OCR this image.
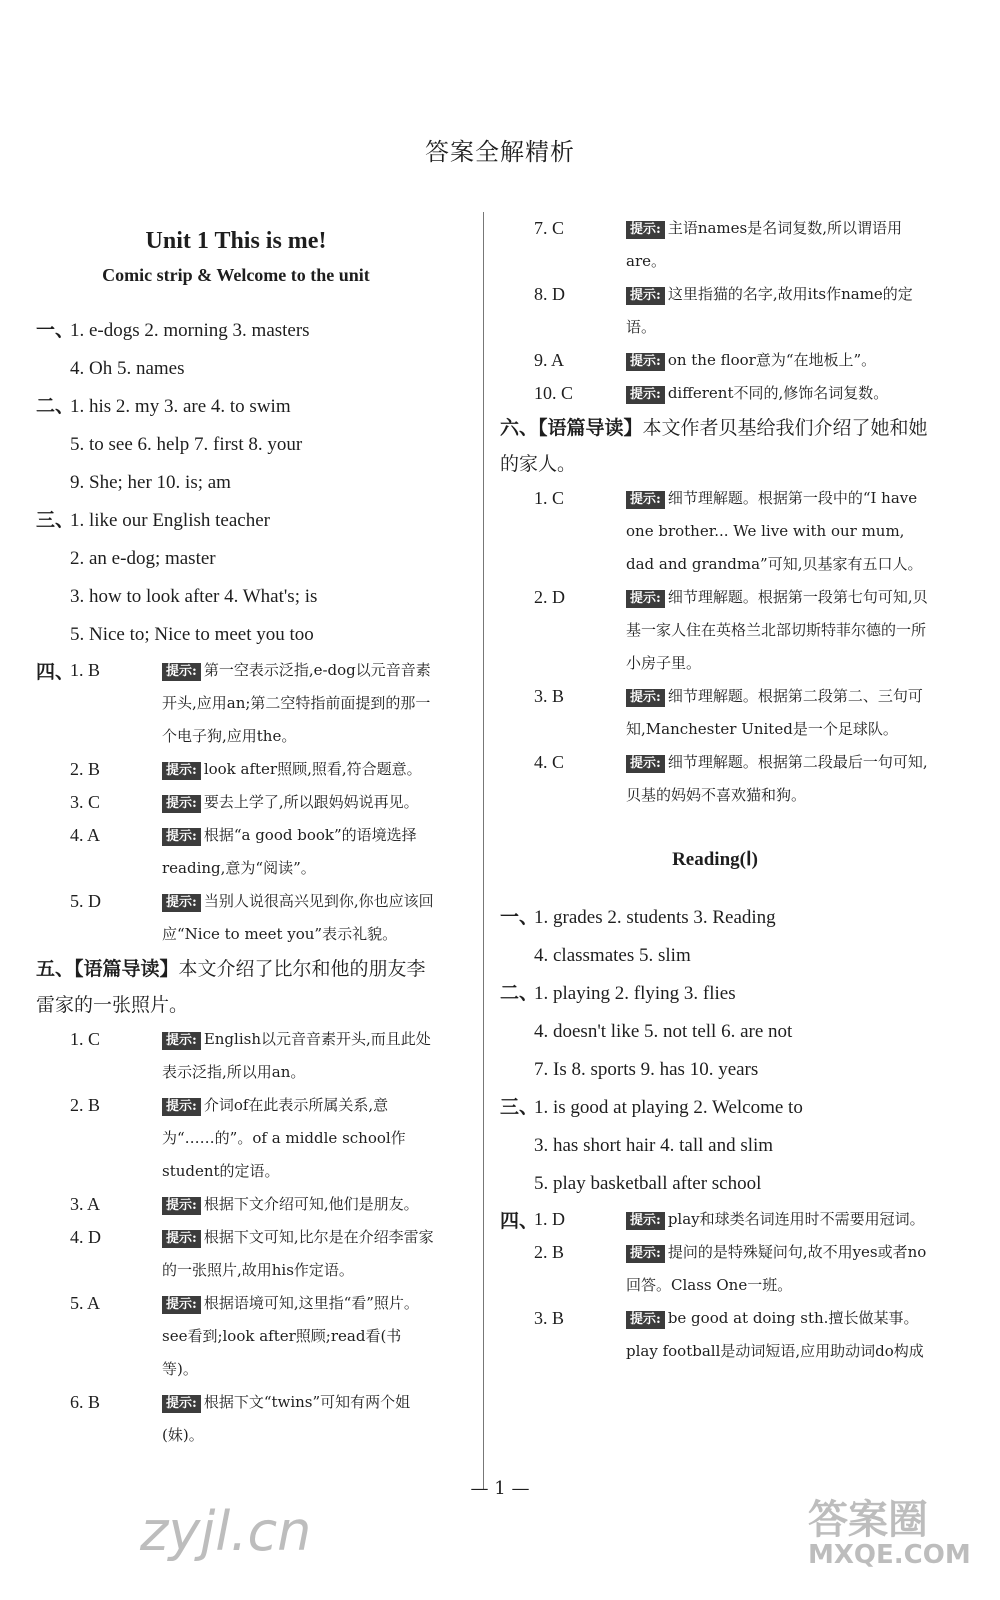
答案全解精析
Unit 1 This is me!
Comic strip & Welcome to the unit
一、
1. e-dogs 2. morning 3. masters
4. Oh 5. names
二、
1. his 2. my 3. are 4. to swim
5. to see 6. help 7. first 8. your
9. She; her 10. is; am
三、
1. like our English teacher
2. an e-dog; master
3. how to look after 4. What's; is
5. Nice to; Nice to meet you too
四、
1. B	提示: 第一空表示泛指,e-dog以元音音素开头,应用an;第二空特指前面提到的那一个电子狗,应用the。
2. B	提示: look after照顾,照看,符合题意。
3. C	提示: 要去上学了,所以跟妈妈说再见。
4. A	提示: 根据“a good book”的语境选择reading,意为“阅读”。
5. D	提示: 当别人说很高兴见到你,你也应该回应“Nice to meet you”表示礼貌。
五、【语篇导读】本文介绍了比尔和他的朋友李雷家的一张照片。
1. C	提示: English以元音音素开头,而且此处表示泛指,所以用an。
2. B	提示: 介词of在此表示所属关系,意为“……的”。of a middle school作student的定语。
3. A	提示: 根据下文介绍可知,他们是朋友。
4. D	提示: 根据下文可知,比尔是在介绍李雷家的一张照片,故用his作定语。
5. A	提示: 根据语境可知,这里指“看”照片。see看到;look after照顾;read看(书等)。
6. B	提示: 根据下文“twins”可知有两个姐(妹)。
7. C	提示: 主语names是名词复数,所以谓语用are。
8. D	提示: 这里指猫的名字,故用its作name的定语。
9. A	提示: on the floor意为“在地板上”。
10. C	提示: different不同的,修饰名词复数。
六、【语篇导读】本文作者贝基给我们介绍了她和她的家人。
1. C	提示: 细节理解题。根据第一段中的“I have one brother... We live with our mum, dad and grandma”可知,贝基家有五口人。
2. D	提示: 细节理解题。根据第一段第七句可知,贝基一家人住在英格兰北部切斯特菲尔德的一所小房子里。
3. B	提示: 细节理解题。根据第二段第二、三句可知,Manchester United是一个足球队。
4. C	提示: 细节理解题。根据第二段最后一句可知,贝基的妈妈不喜欢猫和狗。
Reading(Ⅰ)
一、
1. grades 2. students 3. Reading
4. classmates 5. slim
二、
1. playing 2. flying 3. flies
4. doesn't like 5. not tell 6. are not
7. Is 8. sports 9. has 10. years
三、
1. is good at playing 2. Welcome to
3. has short hair 4. tall and slim
5. play basketball after school
四、
1. D	提示: play和球类名词连用时不需要用冠词。
2. B	提示: 提问的是特殊疑问句,故不用yes或者no回答。Class One一班。
3. B	提示: be good at doing sth.擅长做某事。play football是动词短语,应用助动词do构成
— 1 —
zyjl.cn	答案圈
MXQE.COM
